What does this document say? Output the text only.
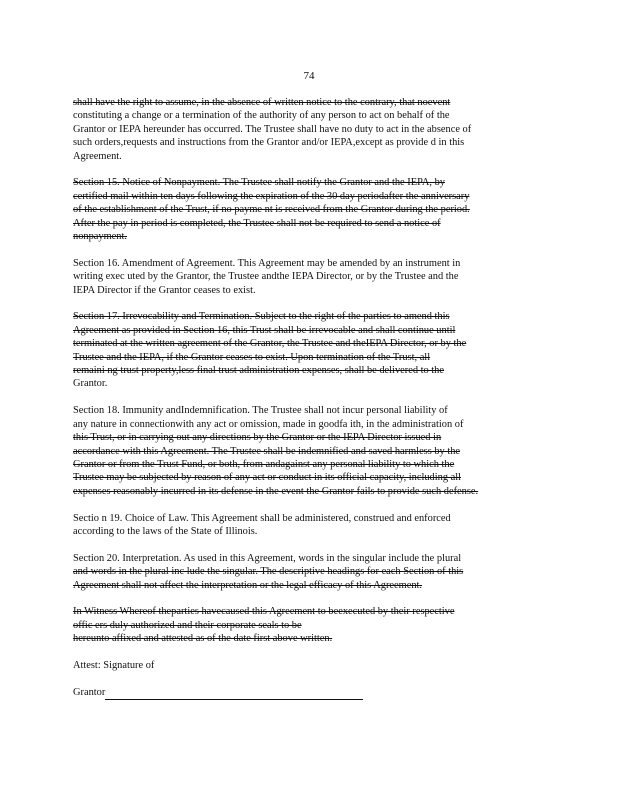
74
shall have the right to assume, in the absence of written notice to the contrary, that noevent
constituting a change or a termination of the authority of any person to act on behalf of the
Grantor or IEPA hereunder has occurred. The Trustee shall have no duty to act in the absence of
such orders,requests and instructions from the Grantor and/or IEPA,except as provide d in this
Agreement.
Section 15. Notice of Nonpayment. The Trustee shall notify the Grantor and the IEPA, by
certified mail within ten days following the expiration of the 30 day periodafter the anniversary
of the establishment of the Trust, if no payme nt is received from the Grantor during the period.
After the pay in period is completed, the Trustee shall not be required to send a notice of
nonpayment.
Section 16. Amendment of Agreement. This Agreement may be amended by an instrument in
writing exec uted by the Grantor, the Trustee andthe IEPA Director, or by the Trustee and the
IEPA Director if the Grantor ceases to exist.
Section 17. Irrevocability and Termination. Subject to the right of the parties to amend this
Agreement as provided in Section 16, this Trust shall be irrevocable and shall continue until
terminated at the written agreement of the Grantor, the Trustee and theIEPA Director, or by the
Trustee and the IEPA, if the Grantor ceases to exist. Upon termination of the Trust, all
remaini ng trust property,less final trust administration expenses, shall be delivered to the
Grantor.
Section 18. Immunity andIndemnification. The Trustee shall not incur personal liability of
any nature in connectionwith any act or omission, made in goodfa ith, in the administration of
this Trust, or in carrying out any directions by the Grantor or the IEPA Director issued in
accordance with this Agreement. The Trustee shall be indemnified and saved harmless by the
Grantor or from the Trust Fund, or both, from andagainst any personal liability to which the
Trustee may be subjected by reason of any act or conduct in its official capacity, including all
expenses reasonably incurred in its defense in the event the Grantor fails to provide such defense.
Sectio n 19. Choice of Law. This Agreement shall be administered, construed and enforced
according to the laws of the State of Illinois.
Section 20. Interpretation. As used in this Agreement, words in the singular include the plural
and words in the plural inc lude the singular. The descriptive headings for each Section of this
Agreement shall not affect the interpretation or the legal efficacy of this Agreement.
In Witness Whereof theparties havecaused this Agreement to beexecuted by their respective
offic ers duly authorized and their corporate seals to be
hereunto affixed and attested as of the date first above written.
Attest: Signature of
Grantor
